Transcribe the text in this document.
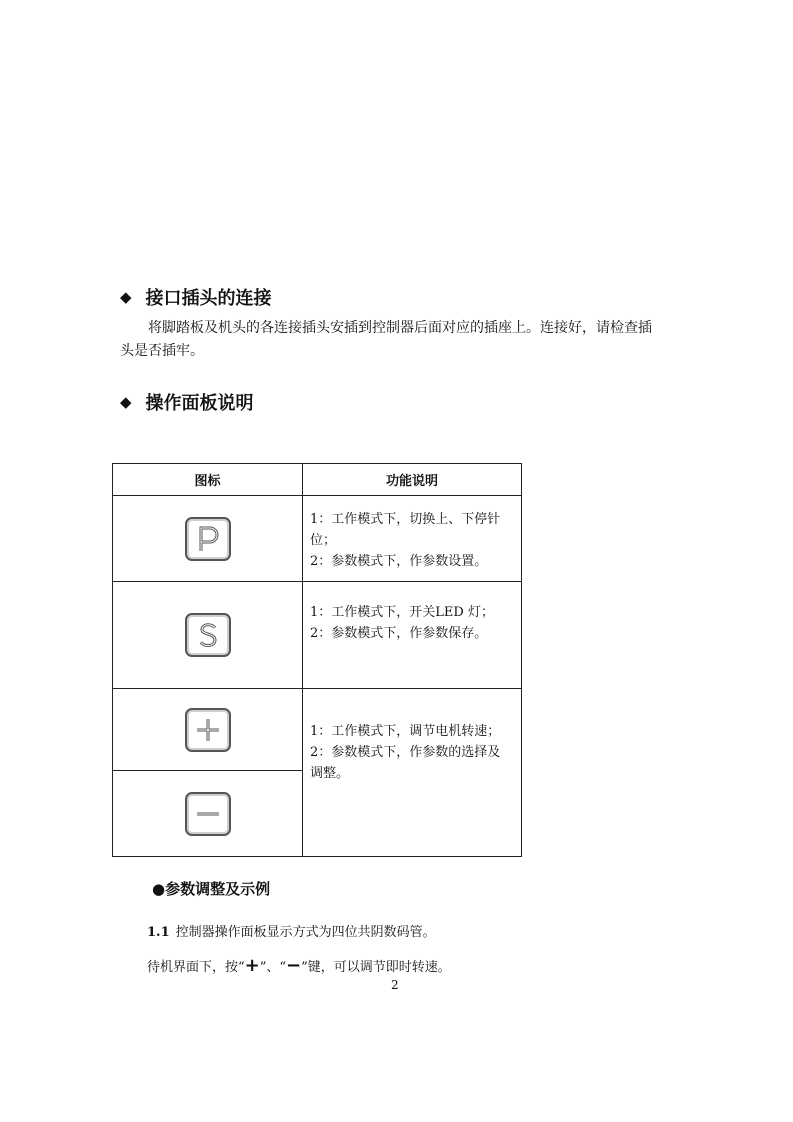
◆ 接口插头的连接
将脚踏板及机头的各连接插头安插到控制器后面对应的插座上。连接好，请检查插
头是否插牢。
◆ 操作面板说明
图标	功能说明

1：工作模式下，切换上、下停针
位；
2：参数模式下，作参数设置。

1：工作模式下，开关LED 灯；
2：参数模式下，作参数保存。

1：工作模式下，调节电机转速；
2：参数模式下，作参数的选择及
调整。

●参数调整及示例
1.1 控制器操作面板显示方式为四位共阴数码管。
待机界面下，按“+”、“−”键，可以调节即时转速。
2
